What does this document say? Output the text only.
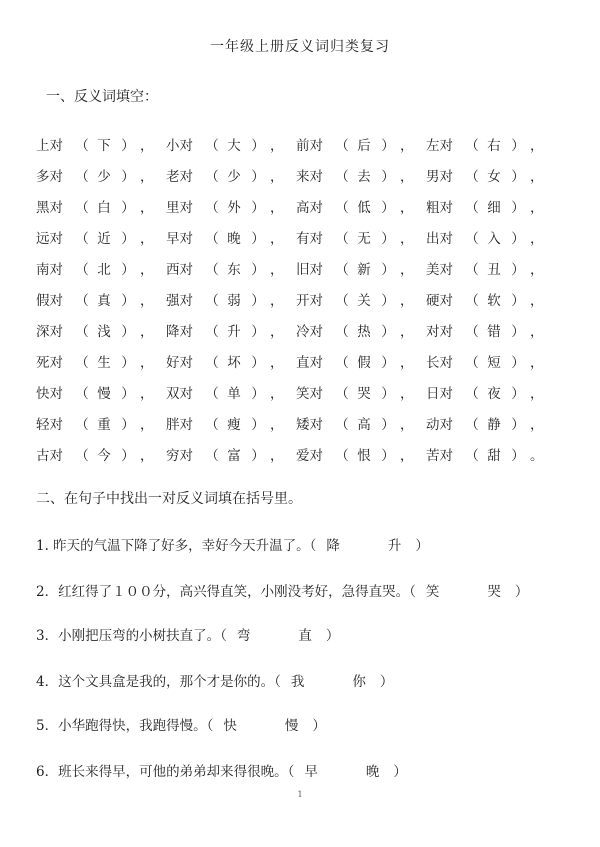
一年级上册反义词归类复习
一、反义词填空：
上对 （ 下 ） ， 小对 （ 大 ） ， 前对 （ 后 ） ， 左对 （ 右 ） ，
多对 （ 少 ） ， 老对 （ 少 ） ， 来对 （ 去 ） ， 男对 （ 女 ） ，
黑对 （ 白 ） ， 里对 （ 外 ） ， 高对 （ 低 ） ， 粗对 （ 细 ） ，
远对 （ 近 ） ， 早对 （ 晚 ） ， 有对 （ 无 ） ， 出对 （ 入 ） ，
南对 （ 北 ） ， 西对 （ 东 ） ， 旧对 （ 新 ） ， 美对 （ 丑 ） ，
假对 （ 真 ） ， 强对 （ 弱 ） ， 开对 （ 关 ） ， 硬对 （ 软 ） ，
深对 （ 浅 ） ， 降对 （ 升 ） ， 冷对 （ 热 ） ， 对对 （ 错 ） ，
死对 （ 生 ） ， 好对 （ 坏 ） ， 直对 （ 假 ） ， 长对 （ 短 ） ，
快对 （ 慢 ） ， 双对 （ 单 ） ， 笑对 （ 哭 ） ， 日对 （ 夜 ） ，
轻对 （ 重 ） ， 胖对 （ 瘦 ） ， 矮对 （ 高 ） ， 动对 （ 静 ） ，
古对 （ 今 ） ， 穷对 （ 富 ） ， 爱对 （ 恨 ） ， 苦对 （ 甜 ） 。
二、在句子中找出一对反义词填在括号里。
1. 昨天的气温下降了好多，幸好今天升温了。（ 降	升 ）
2．红红得了１００分，高兴得直笑，小刚没考好，急得直哭。（ 笑	哭 ）
3．小刚把压弯的小树扶直了。（ 弯	直 ）
4．这个文具盒是我的，那个才是你的。（ 我	你 ）
5．小华跑得快，我跑得慢。（ 快	慢 ）
6．班长来得早，可他的弟弟却来得很晚。（ 早	晚 ）
1
